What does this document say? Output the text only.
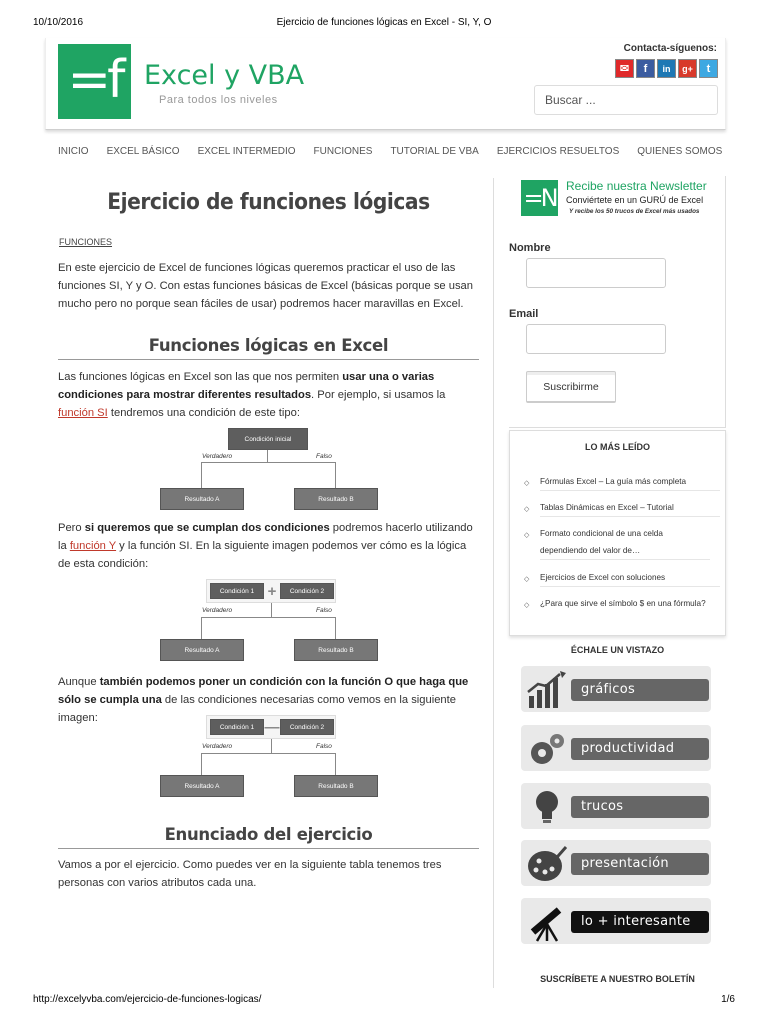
10/10/2016	Ejercicio de funciones lógicas en Excel - SI, Y, O
=f Excel y VBA
Para todos los niveles
Contacta-síguenos:
✉ f in g+ t
Buscar ...
INICIO EXCEL BÁSICO EXCEL INTERMEDIO FUNCIONES TUTORIAL DE VBA EJERCICIOS RESUELTOS QUIENES SOMOS
Ejercicio de funciones lógicas
FUNCIONES

En este ejercicio de Excel de funciones lógicas queremos practicar el uso de las funciones SI, Y y O. Con estas funciones básicas de Excel (básicas porque se usan mucho pero no porque sean fáciles de usar) podremos hacer maravillas en Excel.

Funciones lógicas en Excel

Las funciones lógicas en Excel son las que nos permiten usar una o varias condiciones para mostrar diferentes resultados. Por ejemplo, si usamos la función SI tendremos una condición de este tipo:

Condición inicial
Verdadero	Falso
Resultado A	Resultado B

Pero si queremos que se cumplan dos condiciones podremos hacerlo utilizando la función Y y la función SI. En la siguiente imagen podemos ver cómo es la lógica de esta condición:

Condición 1 +	Condición 2
Verdadero	Falso
Resultado A	Resultado B

Aunque también podemos poner un condición con la función O que haga que sólo se cumpla una de las condiciones necesarias como vemos en la siguiente imagen:

Condición 1 —	Condición 2
Verdadero	Falso
Resultado A	Resultado B
Enunciado del ejercicio

Vamos a por el ejercicio. Como puedes ver en la siguiente tabla tenemos tres personas con varios atributos cada una.

=N Recibe nuestra Newsletter
Conviértete en un GURÚ de Excel
Y recibe los 50 trucos de Excel más usados
Nombre
Email
Suscribirme
LO MÁS LEÍDO
◇ Fórmulas Excel – La guía más completa
◇ Tablas Dinámicas en Excel – Tutorial
◇ Formato condicional de una celda dependiendo del valor de…
◇ Ejercicios de Excel con soluciones
◇ ¿Para que sirve el símbolo $ en una fórmula?
ÉCHALE UN VISTAZO
gráficos
productividad
trucos
presentación
lo + interesante
SUSCRÍBETE A NUESTRO BOLETÍN
http://excelyvba.com/ejercicio-de-funciones-logicas/	1/6
